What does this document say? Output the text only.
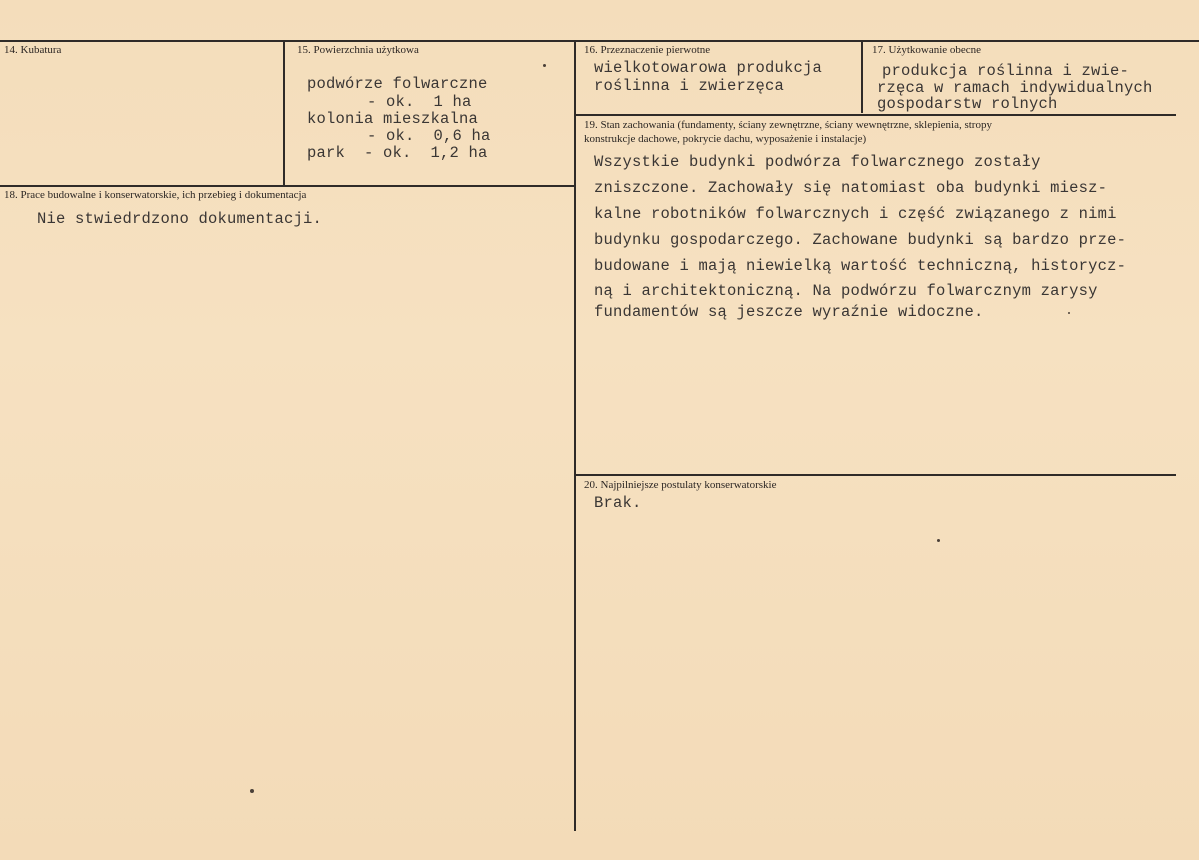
14. Kubatura	15. Powierzchnia użytkowa
podwórze folwarczne
- ok.  1 ha
kolonia mieszkalna
- ok.  0,6 ha
park  - ok.  1,2 ha
16. Przeznaczenie pierwotne
wielkotowarowa produkcja
roślinna i zwierzęca
17. Użytkowanie obecne
produkcja roślinna i zwie-
rzęca w ramach indywidualnych
gospodarstw rolnych
18. Prace budowalne i konserwatorskie, ich przebieg i dokumentacja
Nie stwiedrdzono dokumentacji.
19. Stan zachowania (fundamenty, ściany zewnętrzne, ściany wewnętrzne, sklepienia, stropy
konstrukcje dachowe, pokrycie dachu, wyposażenie i instalacje)
Wszystkie budynki podwórza folwarcznego zostały
zniszczone. Zachowały się natomiast oba budynki miesz-
kalne robotników folwarcznych i część związanego z nimi
budynku gospodarczego. Zachowane budynki są bardzo prze-
budowane i mają niewielką wartość techniczną, historycz-
ną i architektoniczną. Na podwórzu folwarcznym zarysy
fundamentów są jeszcze wyraźnie widoczne.
20. Najpilniejsze postulaty konserwatorskie
Brak.
